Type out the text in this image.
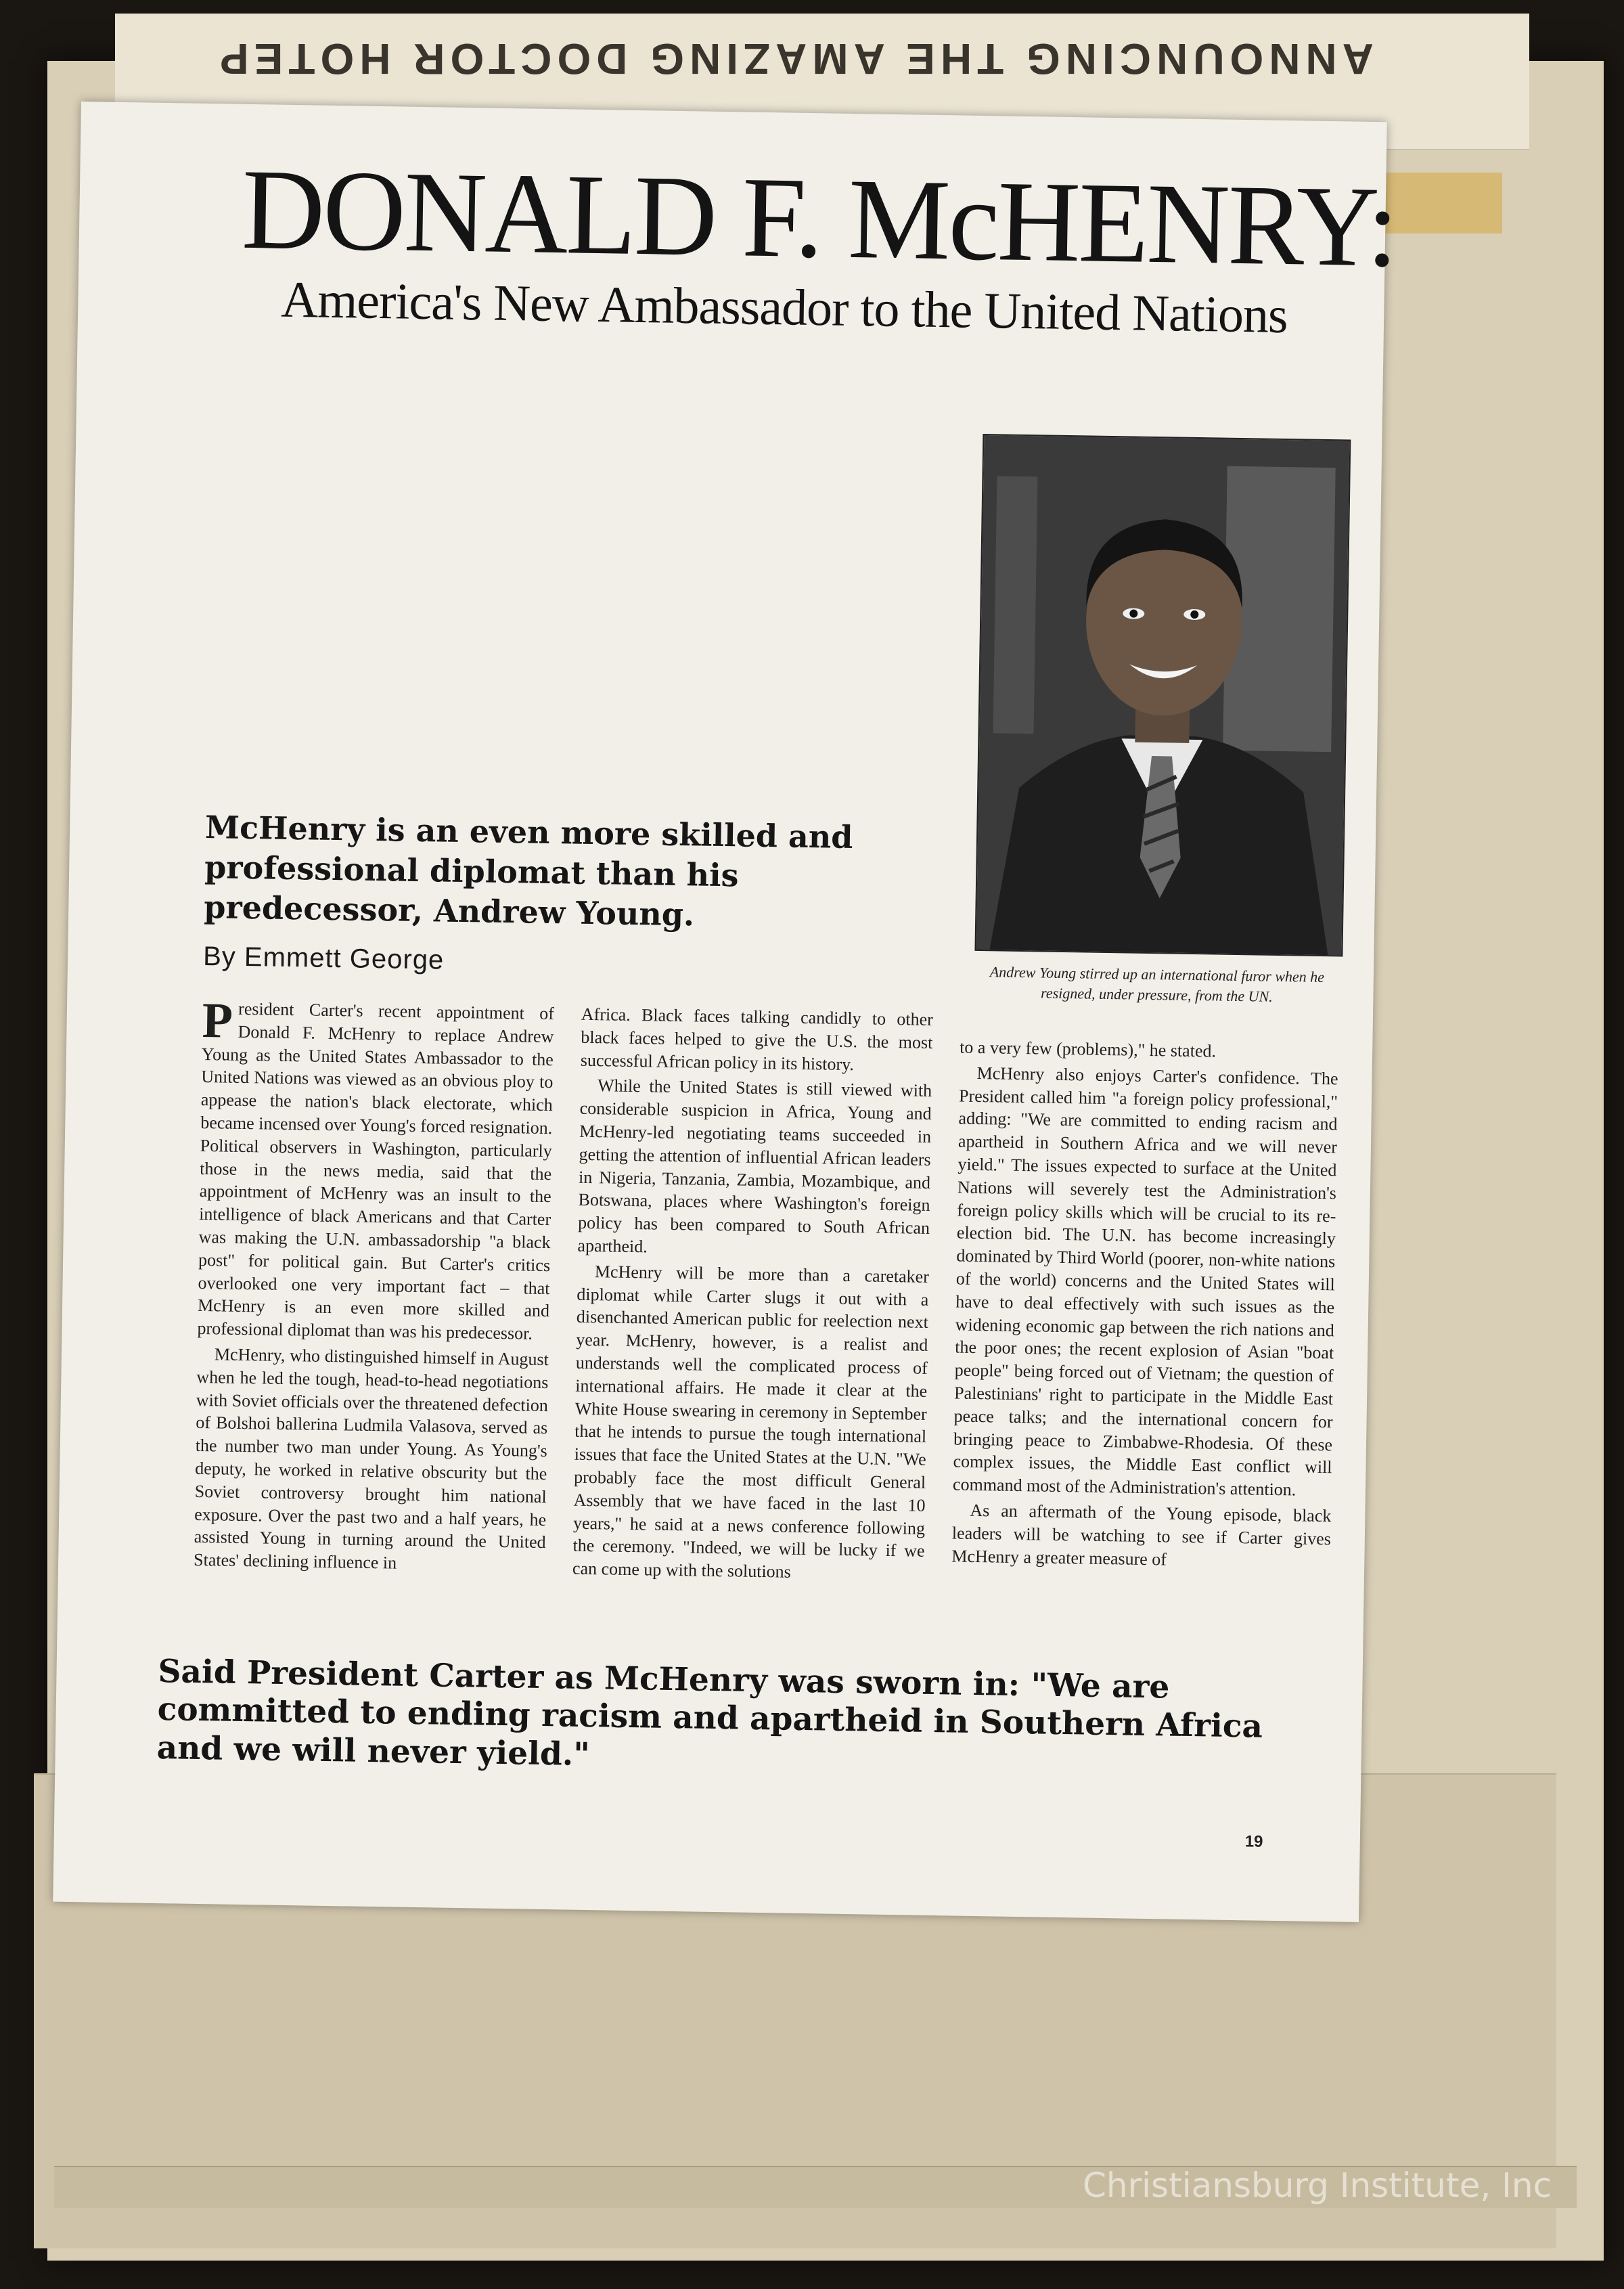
ANNOUNCING THE AMAZING DOCTOR HOTEP
DONALD F. McHENRY:
America's New Ambassador to the United Nations

Andrew Young stirred up an international furor when he resigned, under pressure, from the UN.

McHenry is an even more skilled and professional diplomat than his predecessor, Andrew Young.

By Emmett George

President Carter's recent appointment of Donald F. McHenry to replace Andrew Young as the United States Ambassador to the United Nations was viewed as an obvious ploy to appease the nation's black electorate, which became incensed over Young's forced resignation. Political observers in Washington, particularly those in the news media, said that the appointment of McHenry was an insult to the intelligence of black Americans and that Carter was making the U.N. ambassadorship "a black post" for political gain. But Carter's critics overlooked one very important fact – that McHenry is an even more skilled and professional diplomat than was his predecessor.

McHenry, who distinguished himself in August when he led the tough, head-to-head negotiations with Soviet officials over the threatened defection of Bolshoi ballerina Ludmila Valasova, served as the number two man under Young. As Young's deputy, he worked in relative obscurity but the Soviet controversy brought him national exposure. Over the past two and a half years, he assisted Young in turning around the United States' declining influence in

Africa. Black faces talking candidly to other black faces helped to give the U.S. the most successful African policy in its history.

While the United States is still viewed with considerable suspicion in Africa, Young and McHenry-led negotiating teams succeeded in getting the attention of influential African leaders in Nigeria, Tanzania, Zambia, Mozambique, and Botswana, places where Washington's foreign policy has been compared to South African apartheid.

McHenry will be more than a caretaker diplomat while Carter slugs it out with a disenchanted American public for reelection next year. McHenry, however, is a realist and understands well the complicated process of international affairs. He made it clear at the White House swearing in ceremony in September that he intends to pursue the tough international issues that face the United States at the U.N. "We probably face the most difficult General Assembly that we have faced in the last 10 years," he said at a news conference following the ceremony. "Indeed, we will be lucky if we can come up with the solutions

to a very few (problems)," he stated.

McHenry also enjoys Carter's confidence. The President called him "a foreign policy professional," adding: "We are committed to ending racism and apartheid in Southern Africa and we will never yield." The issues expected to surface at the United Nations will severely test the Administration's foreign policy skills which will be crucial to its re-election bid. The U.N. has become increasingly dominated by Third World (poorer, non-white nations of the world) concerns and the United States will have to deal effectively with such issues as the widening economic gap between the rich nations and the poor ones; the recent explosion of Asian "boat people" being forced out of Vietnam; the question of Palestinians' right to participate in the Middle East peace talks; and the international concern for bringing peace to Zimbabwe-Rhodesia. Of these complex issues, the Middle East conflict will command most of the Administration's attention.

As an aftermath of the Young episode, black leaders will be watching to see if Carter gives McHenry a greater measure of

Said President Carter as McHenry was sworn in: "We are committed to ending racism and apartheid in Southern Africa and we will never yield."

19
Christiansburg Institute, Inc
